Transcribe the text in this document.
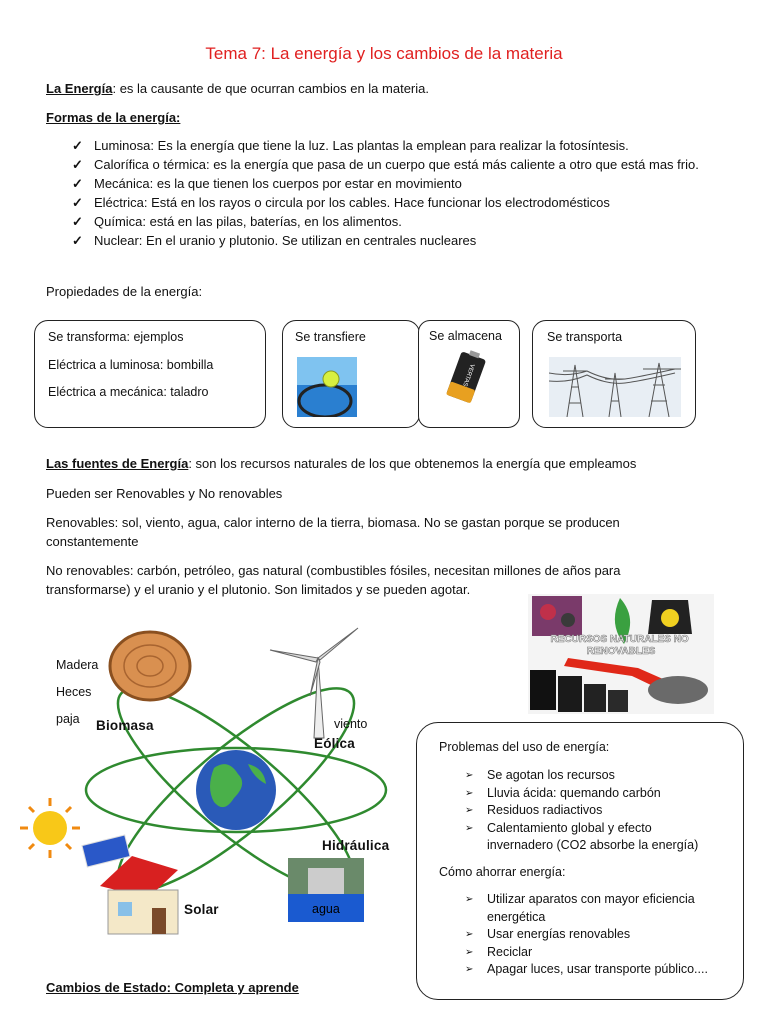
Tema 7: La energía y los cambios de la materia
La Energía: es la causante de que ocurran cambios en la materia.
Formas de la energía:
✓ Luminosa: Es la energía que tiene la luz. Las plantas la emplean para realizar la fotosíntesis.
✓ Calorífica o térmica: es la energía que pasa de un cuerpo que está más caliente a otro que está mas frio.
✓ Mecánica: es la que tienen los cuerpos por estar en movimiento
✓ Eléctrica: Está en los rayos o circula por los cables. Hace funcionar los electrodomésticos
✓ Química: está en las pilas, baterías, en los alimentos.
✓ Nuclear: En el uranio y plutonio. Se utilizan en centrales nucleares
Propiedades de la energía:

Se transforma: ejemplos

Eléctrica a luminosa: bombilla

Eléctrica a mecánica: taladro

Se transfiere	Se almacena

VERTAS

Se transporta

Las fuentes de Energía: son los recursos naturales de los que obtenemos la energía que empleamos
Pueden ser Renovables y No renovables
Renovables: sol, viento, agua, calor interno de la tierra, biomasa. No se gastan porque se producen constantemente
No renovables: carbón, petróleo, gas natural (combustibles fósiles, necesitan millones de años para transformarse) y el uranio y el plutonio. Son limitados y se pueden agotar.
RECURSOS NATURALES NO RENOVABLES
Madera
Heces
paja Biomasa	viento
Eólica
Hidráulica
agua
Solar
Problemas del uso de energía:
➢ Se agotan los recursos
➢ Lluvia ácida: quemando carbón
➢ Residuos radiactivos
➢ Calentamiento global y efecto invernadero (CO2 absorbe la energía)
Cómo ahorrar energía:
➢ Utilizar aparatos con mayor eficiencia energética
➢ Usar energías renovables
➢ Reciclar
➢ Apagar luces, usar transporte público....
Cambios de Estado: Completa y aprende
